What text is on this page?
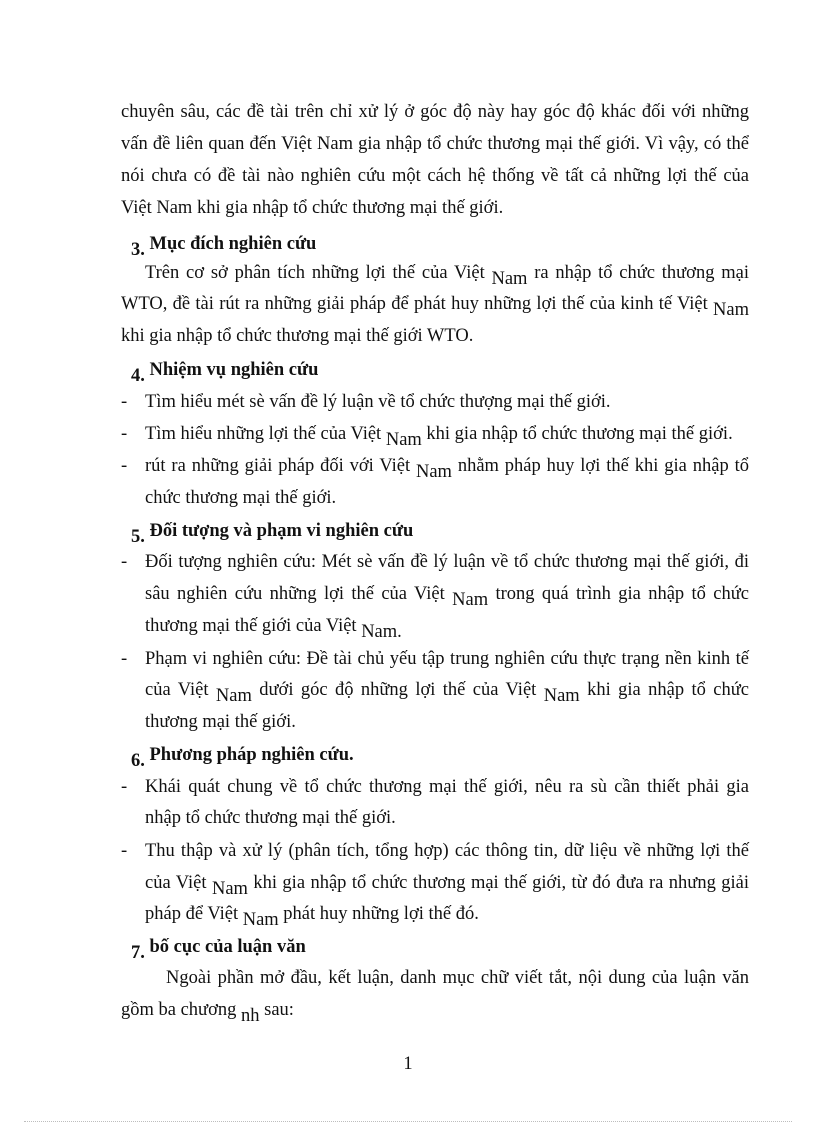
chuyên sâu, các đề tài trên chỉ xử lý ở góc độ này hay góc độ khác đối với những
vấn đề liên quan đến Việt Nam gia nhập tổ chức thương mại thế giới. Vì vậy, có thể
nói chưa có đề tài nào nghiên cứu một cách hệ thống về tất cả những lợi thế của
Việt Nam khi gia nhập tổ chức thương mại thế giới.
3. Mục đích nghiên cứu
Trên cơ sở phân tích những lợi thế của Việt Nam ra nhập tổ chức thương mại
WTO, đề tài rút ra những giải pháp để phát huy những lợi thế của kinh tế Việt Nam
khi gia nhập tổ chức thương mại thế giới WTO.
4. Nhiệm vụ nghiên cứu
- Tìm hiểu mét sè vấn đề lý luận về tổ chức thượng mại thế giới.
- Tìm hiểu những lợi thế của Việt Nam khi gia nhập tổ chức thương mại thế giới.
- rút ra những giải pháp đối với Việt Nam nhằm pháp huy lợi thế khi gia nhập tổ
chức thương mại thế giới.
5. Đối tượng và phạm vi nghiên cứu
- Đối tượng nghiên cứu: Mét sè vấn đề lý luận về tổ chức thương mại thế giới, đi
sâu nghiên cứu những lợi thế của Việt Nam trong quá trình gia nhập tổ chức
thương mại thế giới của Việt Nam.
- Phạm vi nghiên cứu: Đề tài chủ yếu tập trung nghiên cứu thực trạng nền kinh tế
của Việt Nam dưới góc độ những lợi thế của Việt Nam khi gia nhập tổ chức
thương mại thế giới.
6. Phương pháp nghiên cứu.
- Khái quát chung về tổ chức thương mại thế giới, nêu ra sù cần thiết phải gia
nhập tổ chức thương mại thế giới.
- Thu thập và xử lý (phân tích, tổng hợp) các thông tin, dữ liệu về những lợi thế
của Việt Nam khi gia nhập tổ chức thương mại thế giới, từ đó đưa ra nhưng giải
pháp để Việt Nam phát huy những lợi thế đó.
7. bố cục của luận văn
Ngoài phần mở đầu, kết luận, danh mục chữ viết tắt, nội dung của luận văn
gồm ba chương nh sau:
1
